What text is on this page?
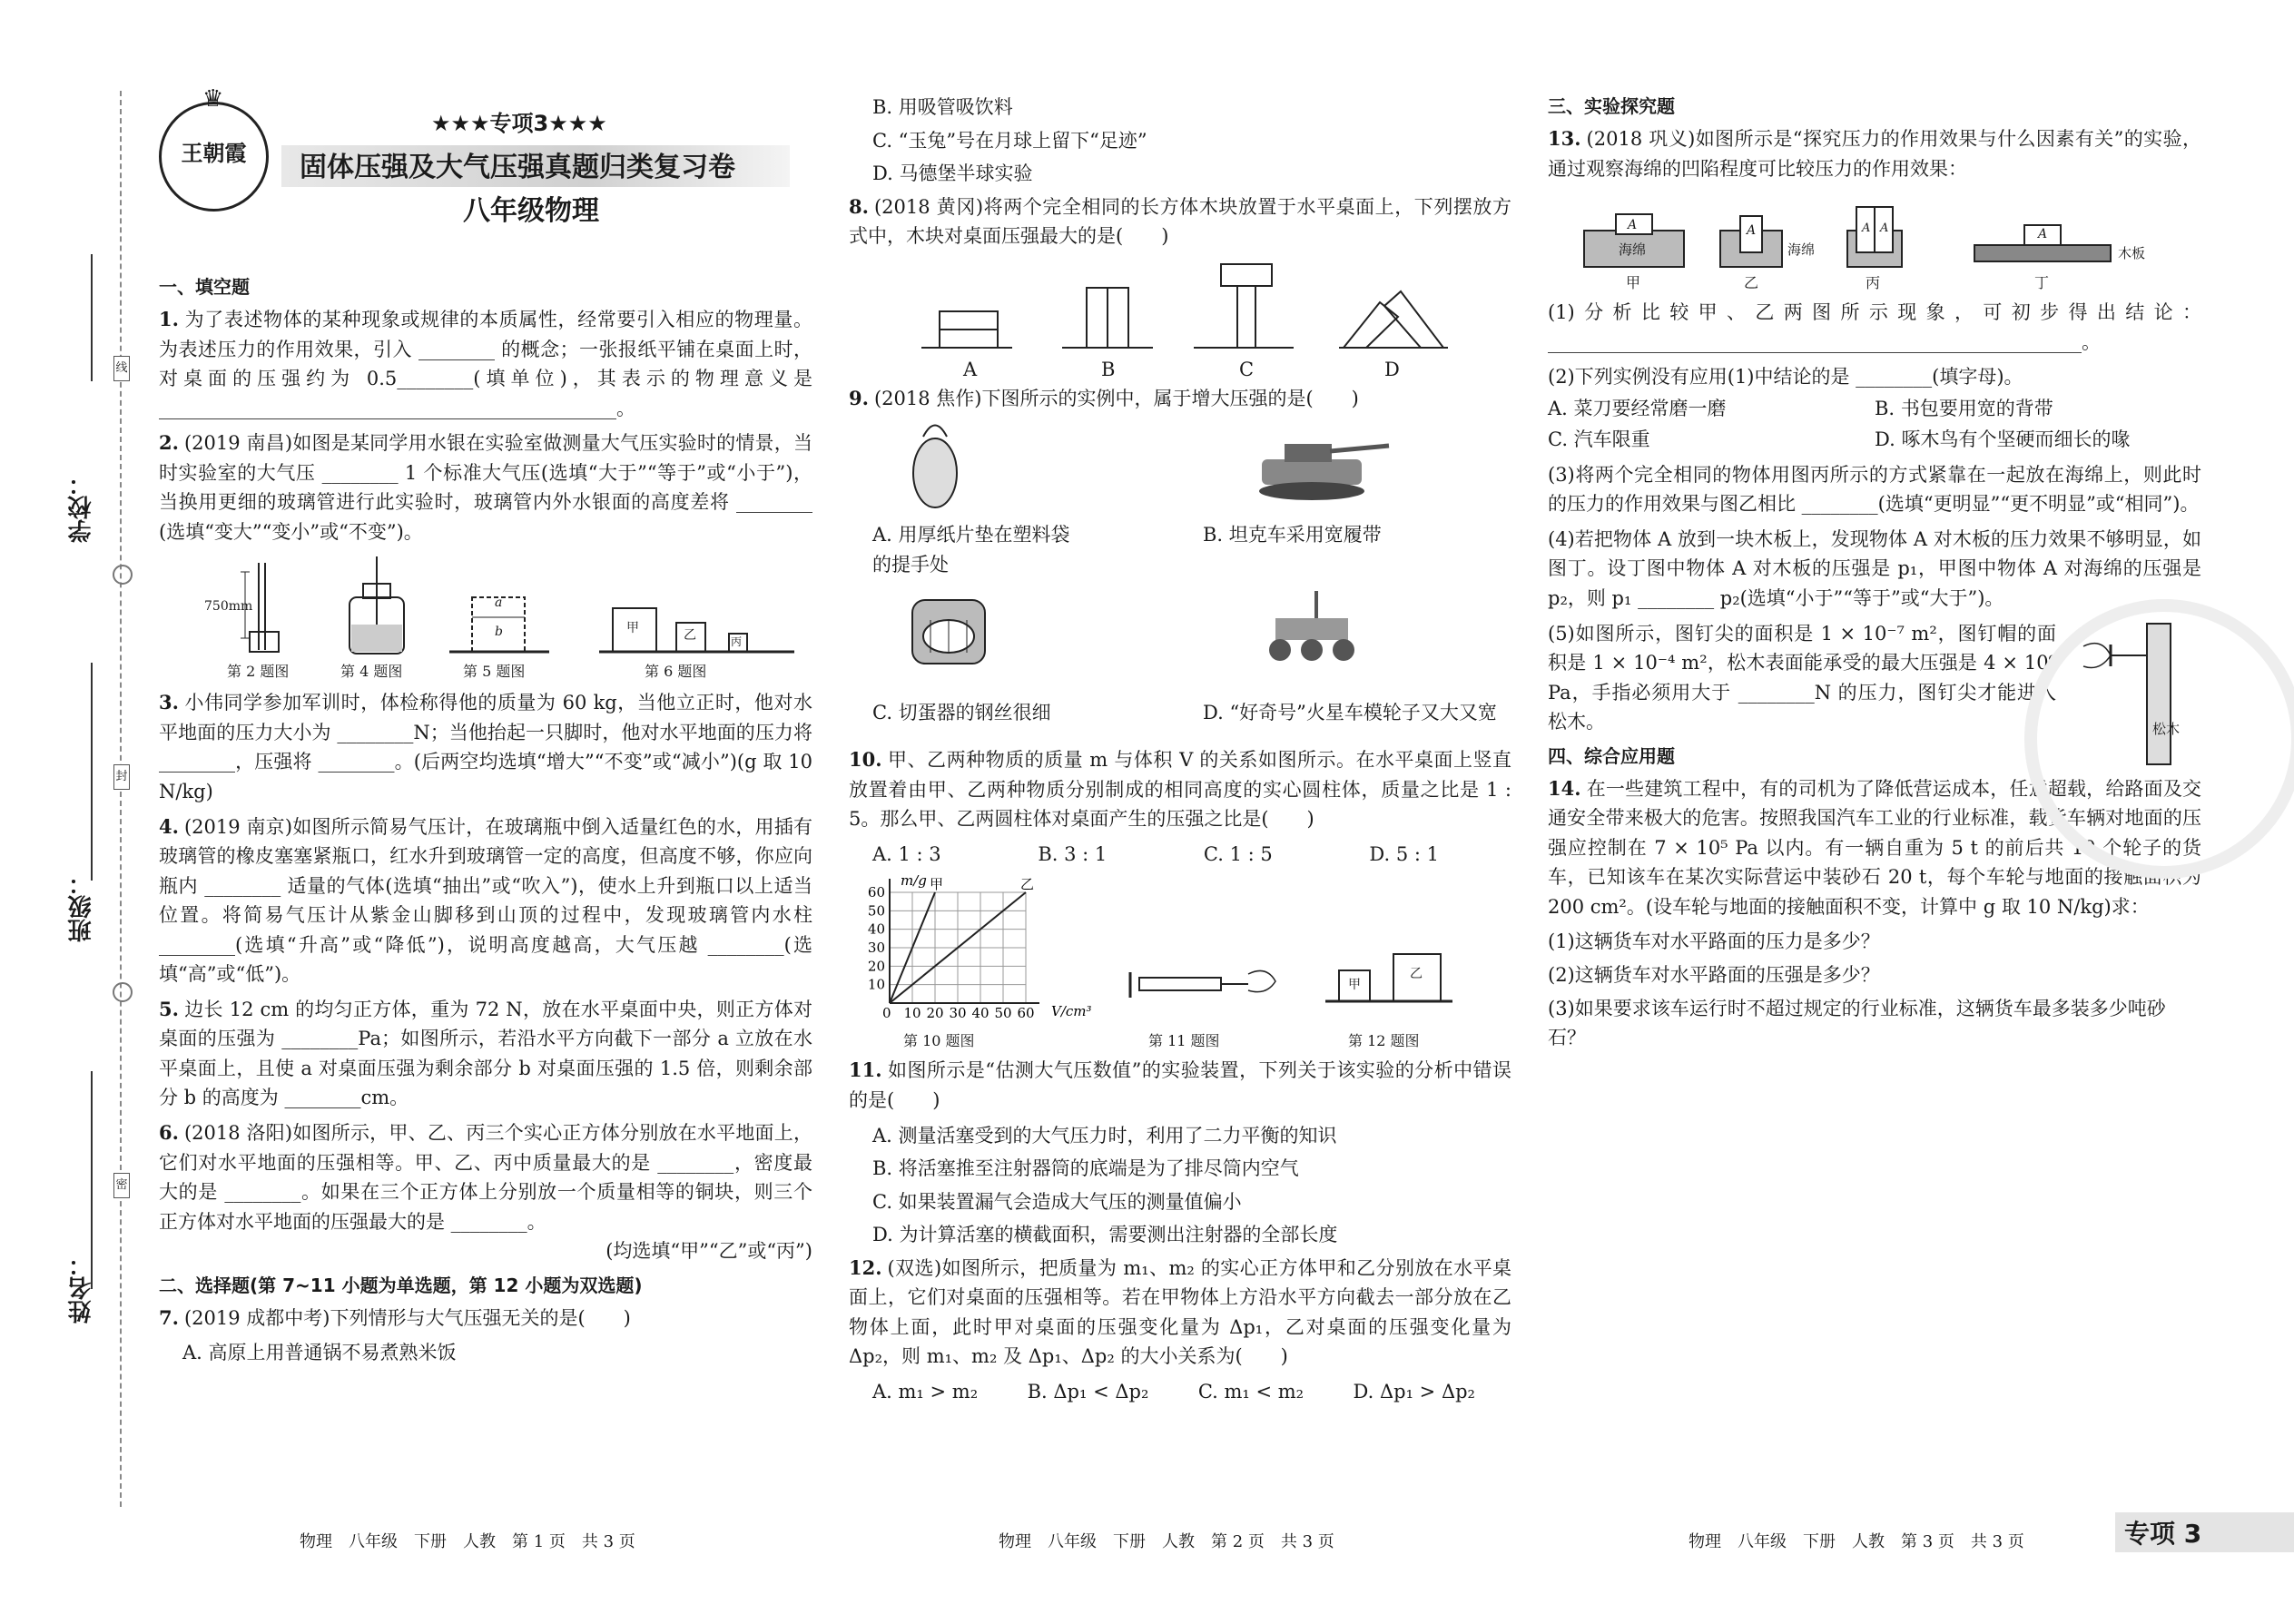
学校：
班级：
姓名：
线
封
密
王朝霞
♛
★★★专项3★★★
固体压强及大气压强真题归类复习卷
八年级物理
一、填空题
1. 为了表述物体的某种现象或规律的本质属性，经常要引入相应的物理量。为表述压力的作用效果，引入 ________ 的概念；一张报纸平铺在桌面上时，对桌面的压强约为 0.5________(填单位)，其表示的物理意义是 ________________________________________________。
2. (2019 南昌)如图是某同学用水银在实验室做测量大气压实验时的情景，当时实验室的大气压 ________ 1 个标准大气压(选填“大于”“等于”或“小于”)，当换用更细的玻璃管进行此实验时，玻璃管内外水银面的高度差将 ________ (选填“变大”“变小”或“不变”)。
750mm	a
b	甲	乙	丙
第 2 题图	第 4 题图	第 5 题图	第 6 题图
3. 小伟同学参加军训时，体检称得他的质量为 60 kg，当他立正时，他对水平地面的压力大小为 ________N；当他抬起一只脚时，他对水平地面的压力将 ________，压强将 ________。(后两空均选填“增大”“不变”或“减小”)(g 取 10 N/kg)
4. (2019 南京)如图所示简易气压计，在玻璃瓶中倒入适量红色的水，用插有玻璃管的橡皮塞塞紧瓶口，红水升到玻璃管一定的高度，但高度不够，你应向瓶内 ________ 适量的气体(选填“抽出”或“吹入”)，使水上升到瓶口以上适当位置。将简易气压计从紫金山脚移到山顶的过程中，发现玻璃管内水柱 ________(选填“升高”或“降低”)，说明高度越高，大气压越 ________(选填“高”或“低”)。
5. 边长 12 cm 的均匀正方体，重为 72 N，放在水平桌面中央，则正方体对桌面的压强为 ________Pa；如图所示，若沿水平方向截下一部分 a 立放在水平桌面上，且使 a 对桌面压强为剩余部分 b 对桌面压强的 1.5 倍，则剩余部分 b 的高度为 ________cm。
6. (2018 洛阳)如图所示，甲、乙、丙三个实心正方体分别放在水平地面上，它们对水平地面的压强相等。甲、乙、丙中质量最大的是 ________，密度最大的是 ________。如果在三个正方体上分别放一个质量相等的铜块，则三个正方体对水平地面的压强最大的是 ________。
(均选填“甲”“乙”或“丙”)
二、选择题(第 7~11 小题为单选题，第 12 小题为双选题)
7. (2019 成都中考)下列情形与大气压强无关的是(　　)
A. 高原上用普通锅不易煮熟米饭
B. 用吸管吸饮料
C. “玉兔”号在月球上留下“足迹”
D. 马德堡半球实验
8. (2018 黄冈)将两个完全相同的长方体木块放置于水平桌面上，下列摆放方式中，木块对桌面压强最大的是(　　)
A	B	C	D
9. (2018 焦作)下图所示的实例中，属于增大压强的是(　　)
A. 用厚纸片垫在塑料袋的提手处
B. 坦克车采用宽履带
C. 切蛋器的钢丝很细	D. “好奇号”火星车模轮子又大又宽
10. 甲、乙两种物质的质量 m 与体积 V 的关系如图所示。在水平桌面上竖直放置着由甲、乙两种物质分别制成的相同高度的实心圆柱体，质量之比是 1 : 5。那么甲、乙两圆柱体对桌面产生的压强之比是(　　)
A. 1 : 3	B. 3 : 1	C. 1 : 5	D. 5 : 1
10 20 30 40 50 60
10
20
30
40
50
60
V/cm³
m/g
0
甲	乙
甲
乙
第 10 题图	第 11 题图	第 12 题图
11. 如图所示是“估测大气压数值”的实验装置，下列关于该实验的分析中错误的是(　　)
A. 测量活塞受到的大气压力时，利用了二力平衡的知识
B. 将活塞推至注射器筒的底端是为了排尽筒内空气
C. 如果装置漏气会造成大气压的测量值偏小
D. 为计算活塞的横截面积，需要测出注射器的全部长度
12. (双选)如图所示，把质量为 m₁、m₂ 的实心正方体甲和乙分别放在水平桌面上，它们对桌面的压强相等。若在甲物体上方沿水平方向截去一部分放在乙物体上面，此时甲对桌面的压强变化量为 Δp₁，乙对桌面的压强变化量为 Δp₂，则 m₁、m₂ 及 Δp₁、Δp₂ 的大小关系为(　　)
A. m₁ > m₂	B. Δp₁ < Δp₂	C. m₁ < m₂	D. Δp₁ > Δp₂
三、实验探究题
13. (2018 巩义)如图所示是“探究压力的作用效果与什么因素有关”的实验，通过观察海绵的凹陷程度可比较压力的作用效果：
A
海绵
A
海绵
A A	A
木板
甲	乙	丙	丁
(1)分析比较甲、乙两图所示现象，可初步得出结论：________________________________________________________。
(2)下列实例没有应用(1)中结论的是 ________(填字母)。
A. 菜刀要经常磨一磨	B. 书包要用宽的背带
C. 汽车限重	D. 啄木鸟有个坚硬而细长的喙
(3)将两个完全相同的物体用图丙所示的方式紧靠在一起放在海绵上，则此时的压力的作用效果与图乙相比 ________(选填“更明显”“更不明显”或“相同”)。
(4)若把物体 A 放到一块木板上，发现物体 A 对木板的压力效果不够明显，如图丁。设丁图中物体 A 对木板的压强是 p₁，甲图中物体 A 对海绵的压强是 p₂，则 p₁ ________ p₂(选填“小于”“等于”或“大于”)。
(5)如图所示，图钉尖的面积是 1 × 10⁻⁷ m²，图钉帽的面积是 1 × 10⁻⁴ m²，松木表面能承受的最大压强是 4 × 10⁶ Pa，手指必须用大于 ________N 的压力，图钉尖才能进入松木。	松木
四、综合应用题
14. 在一些建筑工程中，有的司机为了降低营运成本，任意超载，给路面及交通安全带来极大的危害。按照我国汽车工业的行业标准，载货车辆对地面的压强应控制在 7 × 10⁵ Pa 以内。有一辆自重为 5 t 的前后共 10 个轮子的货车，已知该车在某次实际营运中装砂石 20 t，每个车轮与地面的接触面积为 200 cm²。(设车轮与地面的接触面积不变，计算中 g 取 10 N/kg)求：
(1)这辆货车对水平路面的压力是多少？
(2)这辆货车对水平路面的压强是多少？
(3)如果要求该车运行时不超过规定的行业标准，这辆货车最多装多少吨砂石？
物理　八年级　下册　人教　第 1 页　共 3 页	物理　八年级　下册　人教　第 2 页　共 3 页	物理　八年级　下册　人教　第 3 页　共 3 页	专项 3
